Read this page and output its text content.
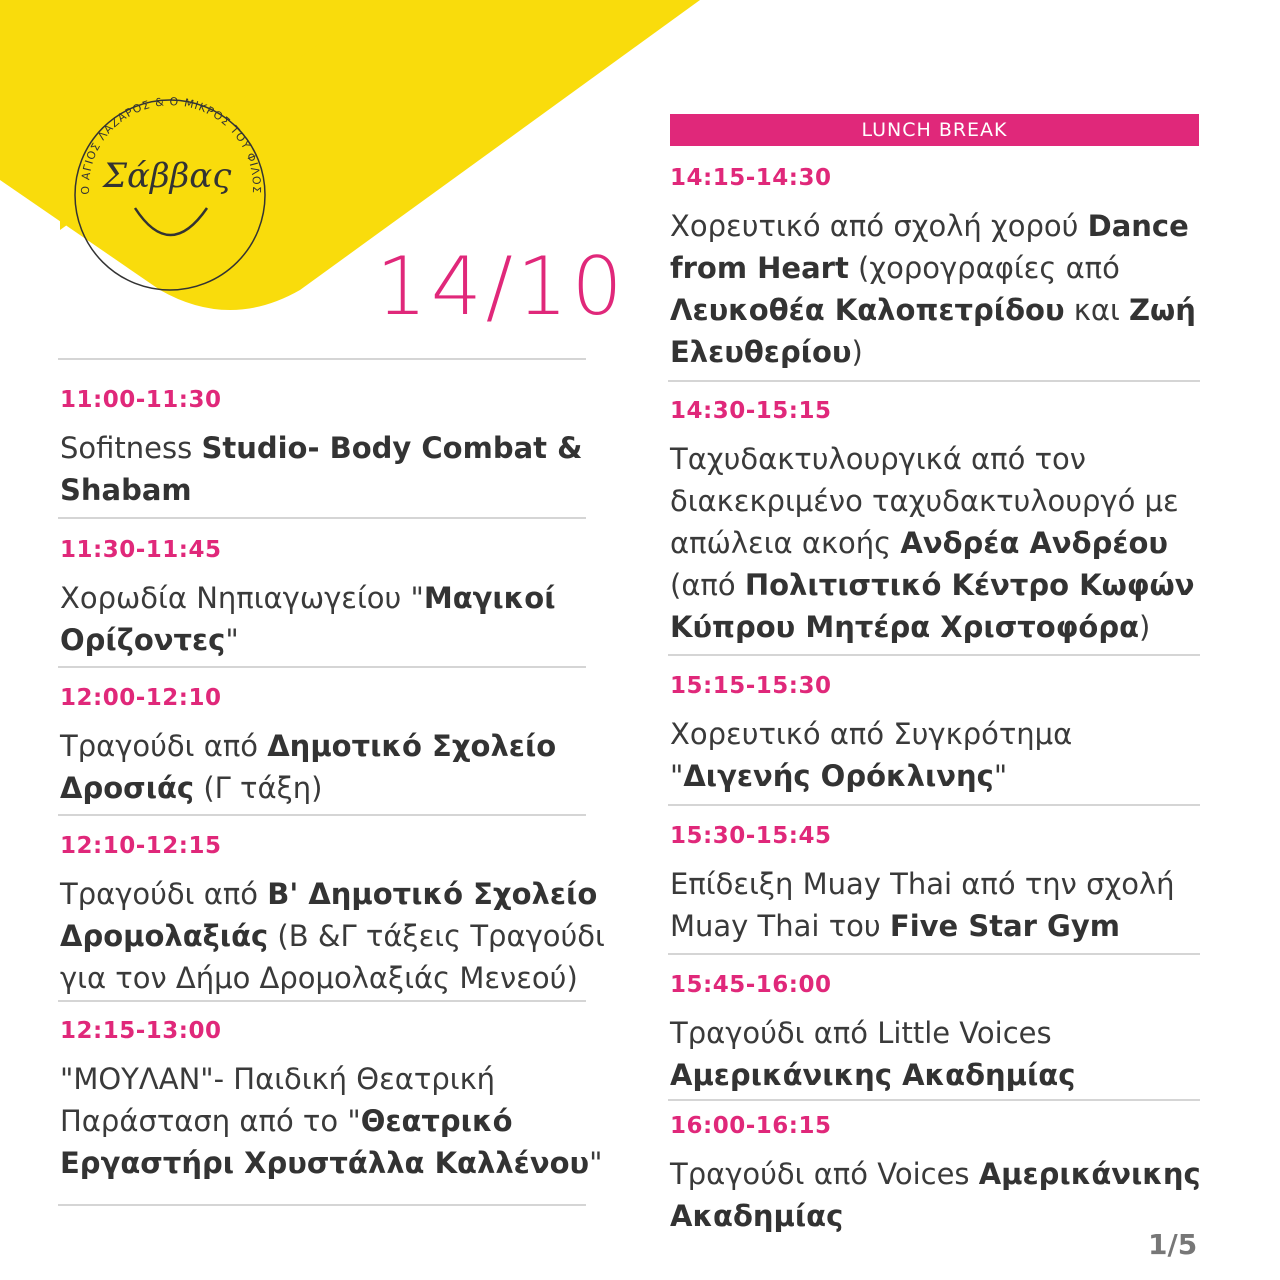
Ο ΑΓΙΟΣ ΛΑΖΑΡΟΣ & Ο ΜΙΚΡΟΣ ΤΟΥ ΦΙΛΟΣ
Σάββας
14/10
LUNCH BREAK
11:00-11:30
Sofitness Studio- Body Combat & Shabam
11:30-11:45
Χορωδία Νηπιαγωγείου "Μαγικοί Ορίζοντες"
12:00-12:10
Τραγούδι από Δημοτικό Σχολείο Δροσιάς (Γ τάξη)
12:10-12:15
Τραγούδι από Β' Δημοτικό Σχολείο Δρομολαξιάς (Β &Γ τάξεις Τραγούδι για τον Δήμο Δρομολαξιάς Μενεού)
12:15-13:00
"ΜΟΥΛΑΝ"- Παιδική Θεατρική Παράσταση από το "Θεατρικό Εργαστήρι Χρυστάλλα Καλλένου"
14:15-14:30
Χορευτικό από σχολή χορού Dance from Heart (χορογραφίες από Λευκοθέα Καλοπετρίδου και Ζωή Ελευθερίου)
14:30-15:15
Ταχυδακτυλουργικά από τον διακεκριμένο ταχυδακτυλουργό με απώλεια ακοής Ανδρέα Ανδρέου (από Πολιτιστικό Κέντρο Κωφών Κύπρου Μητέρα Χριστοφόρα)
15:15-15:30
Χορευτικό από Συγκρότημα "Διγενής Ορόκλινης"
15:30-15:45
Επίδειξη Muay Thai από την σχολή Muay Thai του Five Star Gym
15:45-16:00
Τραγούδι από Little Voices Αμερικάνικης Ακαδημίας
16:00-16:15
Τραγούδι από Voices Αμερικάνικης Ακαδημίας
1/5
